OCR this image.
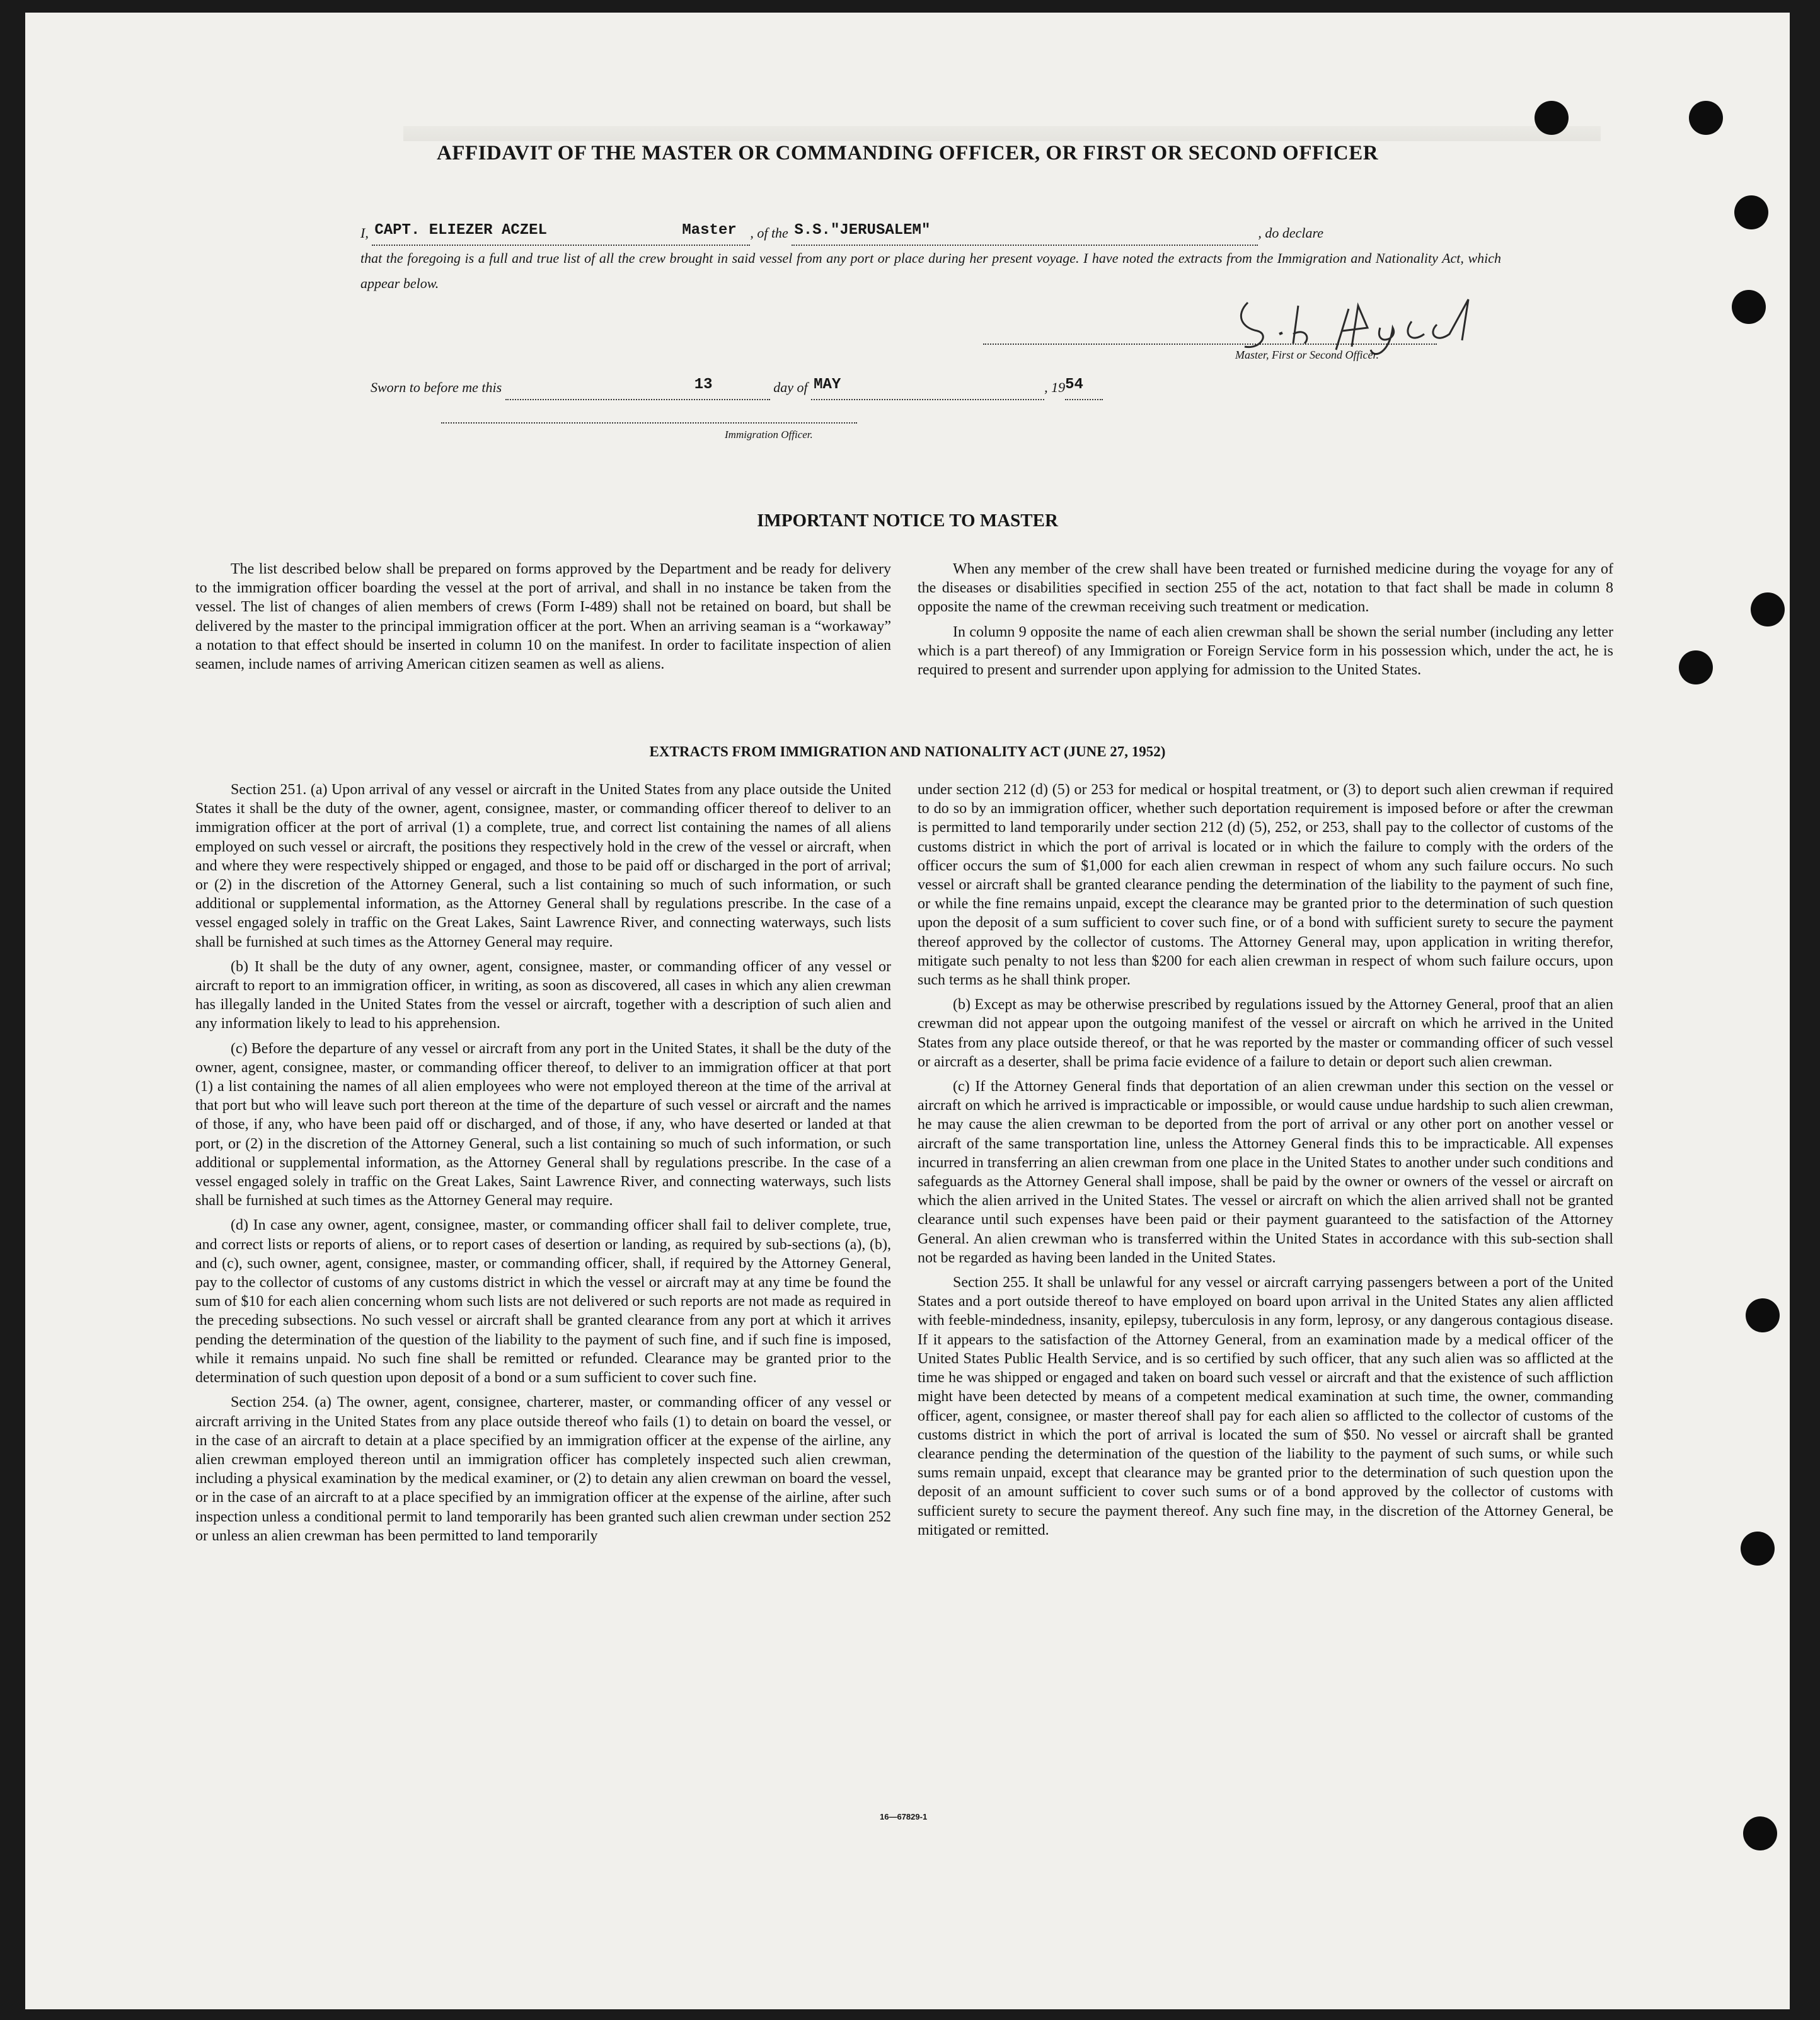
AFFIDAVIT OF THE MASTER OR COMMANDING OFFICER, OR FIRST OR SECOND OFFICER
I, CAPT. ELIEZER ACZEL	Master , of the S.S."JERUSALEM"	, do declare
that the foregoing is a full and true list of all the crew brought in said vessel from any port or place during her present voyage. I have noted the extracts from the Immigration and Nationality Act, which appear below.
Master, First or Second Officer.
Sworn to before me this	13	day of MAY	, 19 54
Immigration Officer.
IMPORTANT NOTICE TO MASTER

The list described below shall be prepared on forms approved by the Department and be ready for delivery to the immigration officer boarding the vessel at the port of arrival, and shall in no instance be taken from the vessel. The list of changes of alien members of crews (Form I-489) shall not be retained on board, but shall be delivered by the master to the principal immigration officer at the port. When an arriving seaman is a “workaway” a notation to that effect should be inserted in column 10 on the manifest. In order to facilitate inspection of alien seamen, include names of arriving American citizen seamen as well as aliens.

When any member of the crew shall have been treated or furnished medicine during the voyage for any of the diseases or disabilities specified in section 255 of the act, notation to that fact shall be made in column 8 opposite the name of the crewman receiving such treatment or medication.

In column 9 opposite the name of each alien crewman shall be shown the serial number (including any letter which is a part thereof) of any Immigration or Foreign Service form in his possession which, under the act, he is required to present and surrender upon applying for admission to the United States.

EXTRACTS FROM IMMIGRATION AND NATIONALITY ACT (JUNE 27, 1952)

Section 251. (a) Upon arrival of any vessel or aircraft in the United States from any place outside the United States it shall be the duty of the owner, agent, consignee, master, or commanding officer thereof to deliver to an immigration officer at the port of arrival (1) a complete, true, and correct list containing the names of all aliens employed on such vessel or aircraft, the positions they respectively hold in the crew of the vessel or aircraft, when and where they were respectively shipped or engaged, and those to be paid off or discharged in the port of arrival; or (2) in the discretion of the Attorney General, such a list containing so much of such information, or such additional or supplemental information, as the Attorney General shall by regulations prescribe. In the case of a vessel engaged solely in traffic on the Great Lakes, Saint Lawrence River, and connecting waterways, such lists shall be furnished at such times as the Attorney General may require.

(b) It shall be the duty of any owner, agent, consignee, master, or commanding officer of any vessel or aircraft to report to an immigration officer, in writing, as soon as discovered, all cases in which any alien crewman has illegally landed in the United States from the vessel or aircraft, together with a description of such alien and any information likely to lead to his apprehension.

(c) Before the departure of any vessel or aircraft from any port in the United States, it shall be the duty of the owner, agent, consignee, master, or commanding officer thereof, to deliver to an immigration officer at that port (1) a list containing the names of all alien employees who were not employed thereon at the time of the arrival at that port but who will leave such port thereon at the time of the departure of such vessel or aircraft and the names of those, if any, who have been paid off or discharged, and of those, if any, who have deserted or landed at that port, or (2) in the discretion of the Attorney General, such a list containing so much of such information, or such additional or supplemental information, as the Attorney General shall by regulations prescribe. In the case of a vessel engaged solely in traffic on the Great Lakes, Saint Lawrence River, and connecting waterways, such lists shall be furnished at such times as the Attorney General may require.

(d) In case any owner, agent, consignee, master, or commanding officer shall fail to deliver complete, true, and correct lists or reports of aliens, or to report cases of desertion or landing, as required by sub-sections (a), (b), and (c), such owner, agent, consignee, master, or commanding officer, shall, if required by the Attorney General, pay to the collector of customs of any customs district in which the vessel or aircraft may at any time be found the sum of $10 for each alien concerning whom such lists are not delivered or such reports are not made as required in the preceding subsections. No such vessel or aircraft shall be granted clearance from any port at which it arrives pending the determination of the question of the liability to the payment of such fine, and if such fine is imposed, while it remains unpaid. No such fine shall be remitted or refunded. Clearance may be granted prior to the determination of such question upon deposit of a bond or a sum sufficient to cover such fine.

Section 254. (a) The owner, agent, consignee, charterer, master, or commanding officer of any vessel or aircraft arriving in the United States from any place outside thereof who fails (1) to detain on board the vessel, or in the case of an aircraft to detain at a place specified by an immigration officer at the expense of the airline, any alien crewman employed thereon until an immigration officer has completely inspected such alien crewman, including a physical examination by the medical examiner, or (2) to detain any alien crewman on board the vessel, or in the case of an aircraft to at a place specified by an immigration officer at the expense of the airline, after such inspection unless a conditional permit to land temporarily has been granted such alien crewman under section 252 or unless an alien crewman has been permitted to land temporarily

under section 212 (d) (5) or 253 for medical or hospital treatment, or (3) to deport such alien crewman if required to do so by an immigration officer, whether such deportation requirement is imposed before or after the crewman is permitted to land temporarily under section 212 (d) (5), 252, or 253, shall pay to the collector of customs of the customs district in which the port of arrival is located or in which the failure to comply with the orders of the officer occurs the sum of $1,000 for each alien crewman in respect of whom any such failure occurs. No such vessel or aircraft shall be granted clearance pending the determination of the liability to the payment of such fine, or while the fine remains unpaid, except the clearance may be granted prior to the determination of such question upon the deposit of a sum sufficient to cover such fine, or of a bond with sufficient surety to secure the payment thereof approved by the collector of customs. The Attorney General may, upon application in writing therefor, mitigate such penalty to not less than $200 for each alien crewman in respect of whom such failure occurs, upon such terms as he shall think proper.

(b) Except as may be otherwise prescribed by regulations issued by the Attorney General, proof that an alien crewman did not appear upon the outgoing manifest of the vessel or aircraft on which he arrived in the United States from any place outside thereof, or that he was reported by the master or commanding officer of such vessel or aircraft as a deserter, shall be prima facie evidence of a failure to detain or deport such alien crewman.

(c) If the Attorney General finds that deportation of an alien crewman under this section on the vessel or aircraft on which he arrived is impracticable or impossible, or would cause undue hardship to such alien crewman, he may cause the alien crewman to be deported from the port of arrival or any other port on another vessel or aircraft of the same transportation line, unless the Attorney General finds this to be impracticable. All expenses incurred in transferring an alien crewman from one place in the United States to another under such conditions and safeguards as the Attorney General shall impose, shall be paid by the owner or owners of the vessel or aircraft on which the alien arrived in the United States. The vessel or aircraft on which the alien arrived shall not be granted clearance until such expenses have been paid or their payment guaranteed to the satisfaction of the Attorney General. An alien crewman who is transferred within the United States in accordance with this sub-section shall not be regarded as having been landed in the United States.

Section 255. It shall be unlawful for any vessel or aircraft carrying passengers between a port of the United States and a port outside thereof to have employed on board upon arrival in the United States any alien afflicted with feeble-mindedness, insanity, epilepsy, tuberculosis in any form, leprosy, or any dangerous contagious disease. If it appears to the satisfaction of the Attorney General, from an examination made by a medical officer of the United States Public Health Service, and is so certified by such officer, that any such alien was so afflicted at the time he was shipped or engaged and taken on board such vessel or aircraft and that the existence of such affliction might have been detected by means of a competent medical examination at such time, the owner, commanding officer, agent, consignee, or master thereof shall pay for each alien so afflicted to the collector of customs of the customs district in which the port of arrival is located the sum of $50. No vessel or aircraft shall be granted clearance pending the determination of the question of the liability to the payment of such sums, or while such sums remain unpaid, except that clearance may be granted prior to the determination of such question upon the deposit of an amount sufficient to cover such sums or of a bond approved by the collector of customs with sufficient surety to secure the payment thereof. Any such fine may, in the discretion of the Attorney General, be mitigated or remitted.

16—67829-1
